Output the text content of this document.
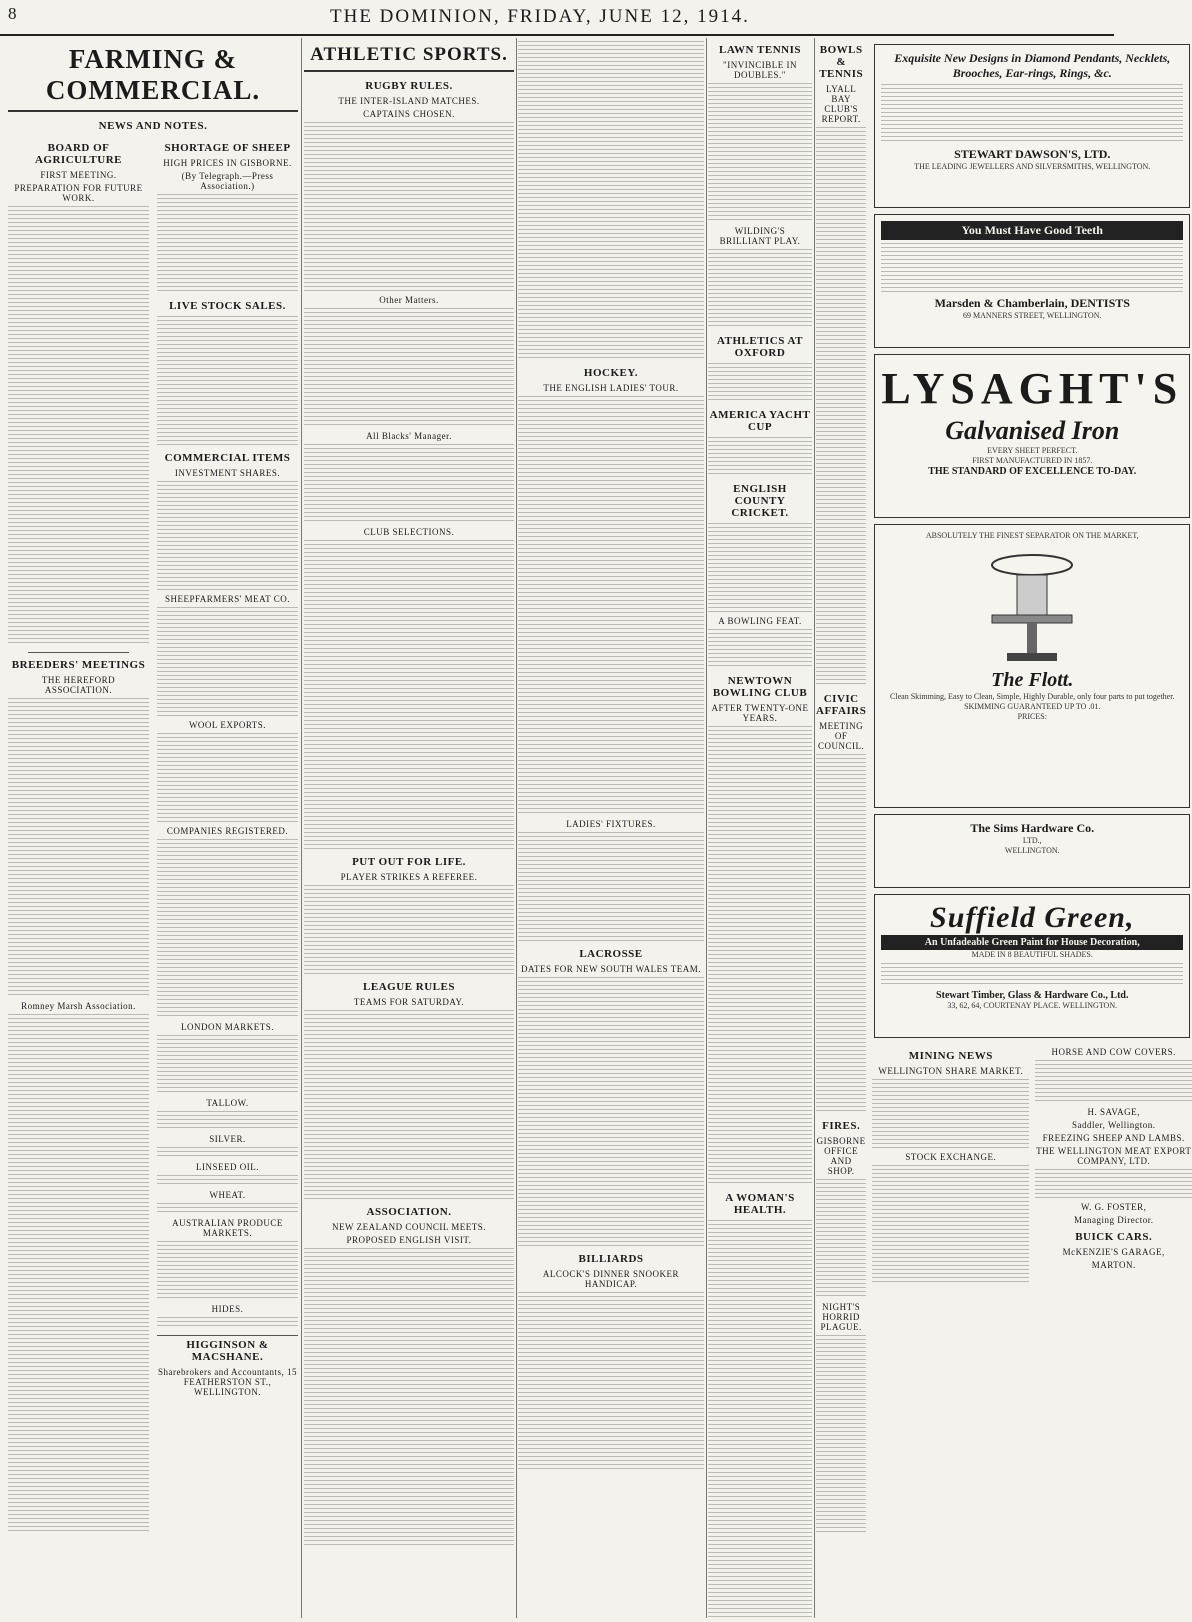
8	THE DOMINION, FRIDAY, JUNE 12, 1914.
FARMING & COMMERCIAL.
NEWS AND NOTES.
BOARD OF AGRICULTURE
FIRST MEETING.
PREPARATION FOR FUTURE WORK.
BREEDERS' MEETINGS
THE HEREFORD ASSOCIATION.
Romney Marsh Association.
SHORTAGE OF SHEEP
HIGH PRICES IN GISBORNE.
(By Telegraph.—Press Association.)
LIVE STOCK SALES.
COMMERCIAL ITEMS
INVESTMENT SHARES.
SHEEPFARMERS' MEAT CO.
WOOL EXPORTS.
COMPANIES REGISTERED.
LONDON MARKETS.
TALLOW.
SILVER.
LINSEED OIL.
WHEAT.
AUSTRALIAN PRODUCE MARKETS.
HIDES.
HIGGINSON & MACSHANE.
Sharebrokers and Accountants, 15 FEATHERSTON ST., WELLINGTON.
ATHLETIC SPORTS.
RUGBY RULES.
THE INTER-ISLAND MATCHES.
CAPTAINS CHOSEN.
Other Matters.
All Blacks' Manager.
CLUB SELECTIONS.
PUT OUT FOR LIFE.
PLAYER STRIKES A REFEREE.
LEAGUE RULES
TEAMS FOR SATURDAY.
ASSOCIATION.
NEW ZEALAND COUNCIL MEETS.
PROPOSED ENGLISH VISIT.
HOCKEY.
THE ENGLISH LADIES' TOUR.
LADIES' FIXTURES.
LACROSSE
DATES FOR NEW SOUTH WALES TEAM.
BILLIARDS
ALCOCK'S DINNER SNOOKER HANDICAP.
LAWN TENNIS
"INVINCIBLE IN DOUBLES."
WILDING'S BRILLIANT PLAY.
ATHLETICS AT OXFORD
AMERICA YACHT CUP
ENGLISH COUNTY CRICKET.
A BOWLING FEAT.
NEWTOWN BOWLING CLUB
AFTER TWENTY-ONE YEARS.
A WOMAN'S HEALTH.
BOWLS & TENNIS
LYALL BAY CLUB'S REPORT.
CIVIC AFFAIRS
MEETING OF COUNCIL.
FIRES.
GISBORNE OFFICE AND SHOP.
NIGHT'S HORRID PLAGUE.
Exquisite New Designs in Diamond Pendants, Necklets, Brooches, Ear-rings, Rings, &c.
STEWART DAWSON'S, LTD.
THE LEADING JEWELLERS AND SILVERSMITHS, WELLINGTON.
You Must Have Good Teeth
Marsden & Chamberlain, DENTISTS
69 MANNERS STREET, WELLINGTON.
LYSAGHT'S
Galvanised Iron
EVERY SHEET PERFECT.
FIRST MANUFACTURED IN 1857.
THE STANDARD OF EXCELLENCE TO-DAY.
ABSOLUTELY THE FINEST SEPARATOR ON THE MARKET,
The Flott.
Clean Skimming, Easy to Clean, Simple, Highly Durable, only four parts to put together.
SKIMMING GUARANTEED UP TO .01.
PRICES:
The Sims Hardware Co.
LTD.,
WELLINGTON.
Suffield Green,
An Unfadeable Green Paint for House Decoration,
MADE IN 8 BEAUTIFUL SHADES.
Stewart Timber, Glass & Hardware Co., Ltd.
33, 62, 64, COURTENAY PLACE. WELLINGTON.
MINING NEWS
WELLINGTON SHARE MARKET.
STOCK EXCHANGE.
HORSE AND COW COVERS.
H. SAVAGE,
Saddler, Wellington.
FREEZING SHEEP AND LAMBS.
THE WELLINGTON MEAT EXPORT COMPANY, LTD.
W. G. FOSTER,
Managing Director.
BUICK CARS.
McKENZIE'S GARAGE,
MARTON.
